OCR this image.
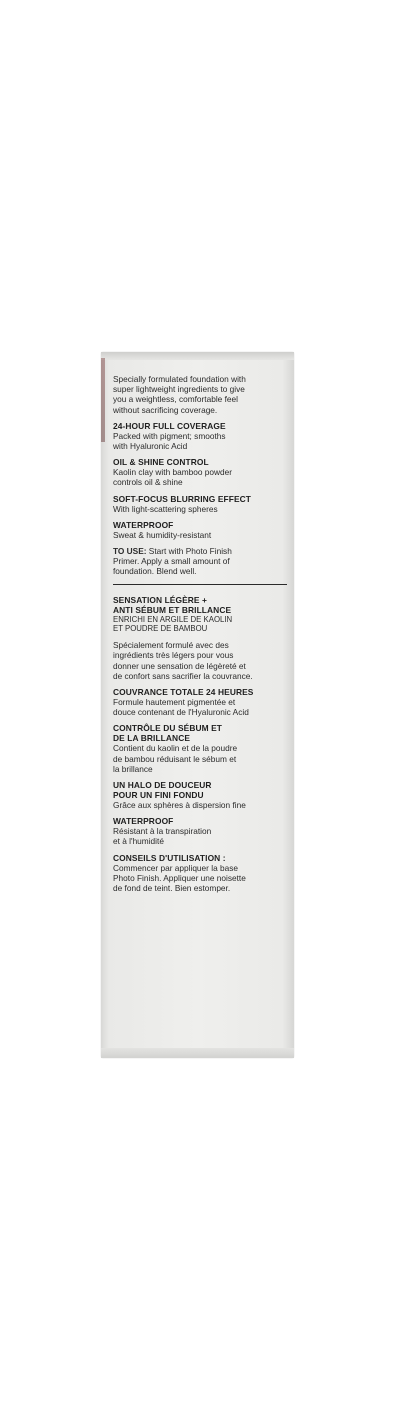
Specially formulated foundation with
super lightweight ingredients to give
you a weightless, comfortable feel
without sacrificing coverage.
24-HOUR FULL COVERAGE
Packed with pigment; smooths
with Hyaluronic Acid
OIL & SHINE CONTROL
Kaolin clay with bamboo powder
controls oil & shine
SOFT-FOCUS BLURRING EFFECT
With light-scattering spheres
WATERPROOF
Sweat & humidity-resistant
TO USE: Start with Photo Finish
Primer. Apply a small amount of
foundation. Blend well.
SENSATION LÉGÈRE +
ANTI SÉBUM ET BRILLANCE
ENRICHI EN ARGILE DE KAOLIN
ET POUDRE DE BAMBOU
Spécialement formulé avec des
ingrédients très légers pour vous
donner une sensation de légèreté et
de confort sans sacrifier la couvrance.
COUVRANCE TOTALE 24 HEURES
Formule hautement pigmentée et
douce contenant de l'Hyaluronic Acid
CONTRÔLE DU SÉBUM ET
DE LA BRILLANCE
Contient du kaolin et de la poudre
de bambou réduisant le sébum et
la brillance
UN HALO DE DOUCEUR
POUR UN FINI FONDU
Grâce aux sphères à dispersion fine
WATERPROOF
Résistant à la transpiration
et à l'humidité
CONSEILS D'UTILISATION :
Commencer par appliquer la base
Photo Finish. Appliquer une noisette
de fond de teint. Bien estomper.
